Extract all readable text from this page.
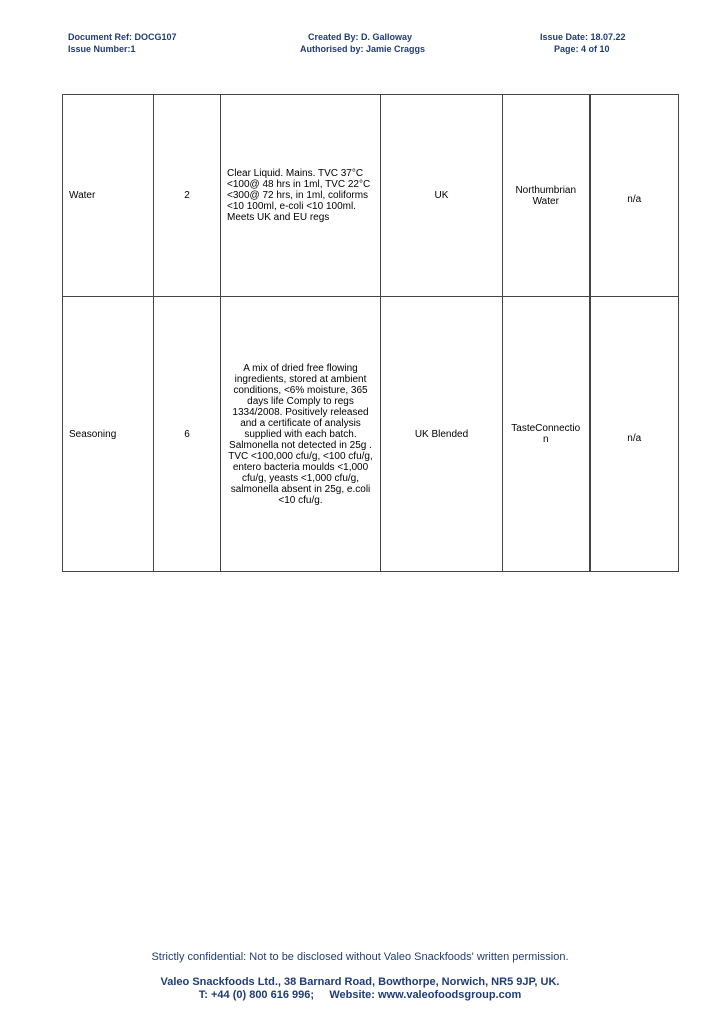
Document Ref: DOCG107
Issue Number:1
Created By: D. Galloway
Authorised by: Jamie Craggs
Issue Date: 18.07.22
Page: 4 of 10
Water	2	Clear Liquid. Mains. TVC 37°C <100@ 48 hrs in 1ml, TVC 22°C <300@ 72 hrs, in 1ml, coliforms <10 100ml, e-coli <10 100ml. Meets UK and EU regs	UK	Northumbrian Water	n/a
Seasoning	6	A mix of dried free flowing ingredients, stored at ambient conditions, <6% moisture, 365 days life Comply to regs 1334/2008. Positively released and a certificate of analysis supplied with each batch. Salmonella not detected in 25g . TVC <100,000 cfu/g, <100 cfu/g, entero bacteria moulds <1,000 cfu/g, yeasts <1,000 cfu/g, salmonella absent in 25g, e.coli <10 cfu/g.	UK Blended	TasteConnection	n/a
Strictly confidential: Not to be disclosed without Valeo Snackfoods' written permission.
Valeo Snackfoods Ltd., 38 Barnard Road, Bowthorpe, Norwich, NR5 9JP, UK.
T: +44 (0) 800 616 996;     Website: www.valeofoodsgroup.com
